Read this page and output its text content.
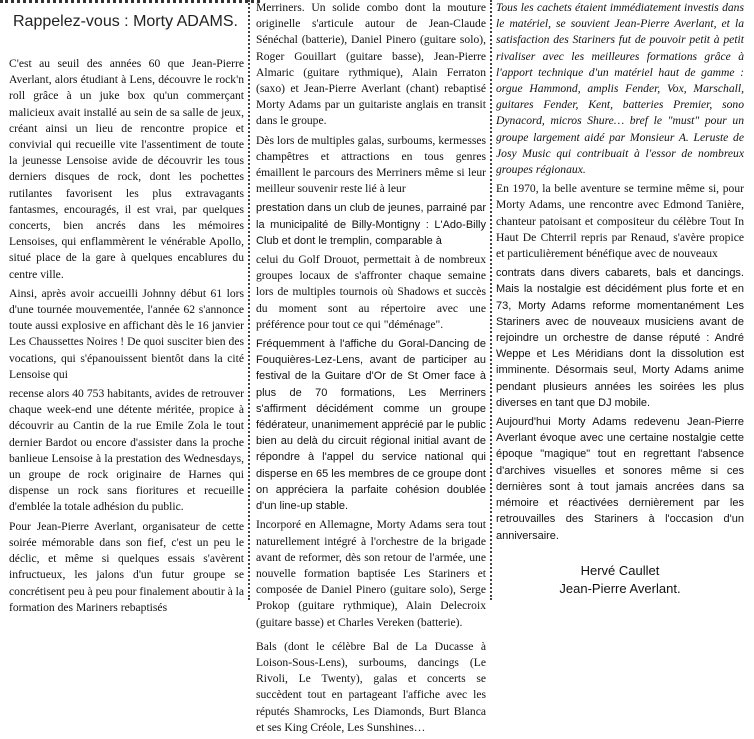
Rappelez-vous : Morty ADAMS.

C'est au seuil des années 60 que Jean-Pierre Averlant, alors étudiant à Lens, découvre le rock'n roll grâce à un juke box qu'un commerçant malicieux avait installé au sein de sa salle de jeux, créant ainsi un lieu de rencontre propice et convivial qui recueille vite l'assentiment de toute la jeunesse Lensoise avide de découvrir les tous derniers disques de rock, dont les pochettes rutilantes favorisent les plus extravagants fantasmes, encouragés, il est vrai, par quelques concerts, bien ancrés dans les mémoires Lensoises, qui enflammèrent le vénérable Apollo, situé place de la gare à quelques encablures du centre ville.

Ainsi, après avoir accueilli Johnny début 61 lors d'une tournée mouvementée, l'année 62 s'annonce toute aussi explosive en affichant dès le 16 janvier Les Chaussettes Noires ! De quoi susciter bien des vocations, qui s'épanouissent bientôt dans la cité Lensoise qui

recense alors 40 753 habitants, avides de retrouver chaque week-end une détente méritée, propice à découvrir au Cantin de la rue Emile Zola le tout dernier Bardot ou encore d'assister dans la proche banlieue Lensoise à la prestation des Wednesdays, un groupe de rock originaire de Harnes qui dispense un rock sans fioritures et recueille d'emblée la totale adhésion du public.

Pour Jean-Pierre Averlant, organisateur de cette soirée mémorable dans son fief, c'est un peu le déclic, et même si quelques essais s'avèrent infructueux, les jalons d'un futur groupe se concrétisent peu à peu pour finalement aboutir à la formation des Mariners rebaptisés

Merriners. Un solide combo dont la mouture originelle s'articule autour de Jean-Claude Sénéchal (batterie), Daniel Pinero (guitare solo), Roger Gouillart (guitare basse), Jean-Pierre Almaric (guitare rythmique), Alain Ferraton (saxo) et Jean-Pierre Averlant (chant) rebaptisé Morty Adams par un guitariste anglais en transit dans le groupe.

Dès lors de multiples galas, surboums, kermesses champêtres et attractions en tous genres émaillent le parcours des Merriners même si leur meilleur souvenir reste lié à leur

prestation dans un club de jeunes, parrainé par la municipalité de Billy-Montigny : L'Ado-Billy Club et dont le tremplin, comparable à

celui du Golf Drouot, permettait à de nombreux groupes locaux de s'affronter chaque semaine lors de multiples tournois où Shadows et succès du moment sont au répertoire avec une préférence pour tout ce qui "déménage".

Fréquemment à l'affiche du Goral-Dancing de Fouquières-Lez-Lens, avant de participer au festival de la Guitare d'Or de St Omer face à plus de 70 formations, Les Merriners s'affirment décidément comme un groupe fédérateur, unanimement apprécié par le public bien au delà du circuit régional initial avant de répondre à l'appel du service national qui disperse en 65 les membres de ce groupe dont on appréciera la parfaite cohésion doublée d'un line-up stable.

Incorporé en Allemagne, Morty Adams sera tout naturellement intégré à l'orchestre de la brigade avant de reformer, dès son retour de l'armée, une nouvelle formation baptisée Les Stariners et composée de Daniel Pinero (guitare solo), Serge Prokop (guitare rythmique), Alain Delecroix (guitare basse) et Charles Vereken (batterie).

Bals (dont le célèbre Bal de La Ducasse à Loison-Sous-Lens), surboums, dancings (Le Rivoli, Le Twenty), galas et concerts se succèdent tout en partageant l'affiche avec les réputés Shamrocks, Les Diamonds, Burt Blanca et ses King Créole, Les Sunshines…

Tous les cachets étaient immédiatement investis dans le matériel, se souvient Jean-Pierre Averlant, et la satisfaction des Stariners fut de pouvoir petit à petit rivaliser avec les meilleures formations grâce à l'apport technique d'un matériel haut de gamme : orgue Hammond, amplis Fender, Vox, Marschall, guitares Fender, Kent, batteries Premier, sono Dynacord, micros Shure… bref le "must" pour un groupe largement aidé par Monsieur A. Leruste de Josy Music qui contribuait à l'essor de nombreux groupes régionaux.

En 1970, la belle aventure se termine même si, pour Morty Adams, une rencontre avec Edmond Tanière, chanteur patoisant et compositeur du célèbre Tout In Haut De Chterril repris par Renaud, s'avère propice et particulièrement bénéfique avec de nouveaux

contrats dans divers cabarets, bals et dancings. Mais la nostalgie est décidément plus forte et en 73, Morty Adams reforme momentanément Les Stariners avec de nouveaux musiciens avant de rejoindre un orchestre de danse réputé : André Weppe et Les Méridians dont la dissolution est imminente. Désormais seul, Morty Adams anime pendant plusieurs années les soirées les plus diverses en tant que DJ mobile.

Aujourd'hui Morty Adams redevenu Jean-Pierre Averlant évoque avec une certaine nostalgie cette époque "magique" tout en regrettant l'absence d'archives visuelles et sonores même si ces dernières sont à tout jamais ancrées dans sa mémoire et réactivées dernièrement par les retrouvailles des Stariners à l'occasion d'un anniversaire.

Hervé Caullet
Jean-Pierre Averlant.
